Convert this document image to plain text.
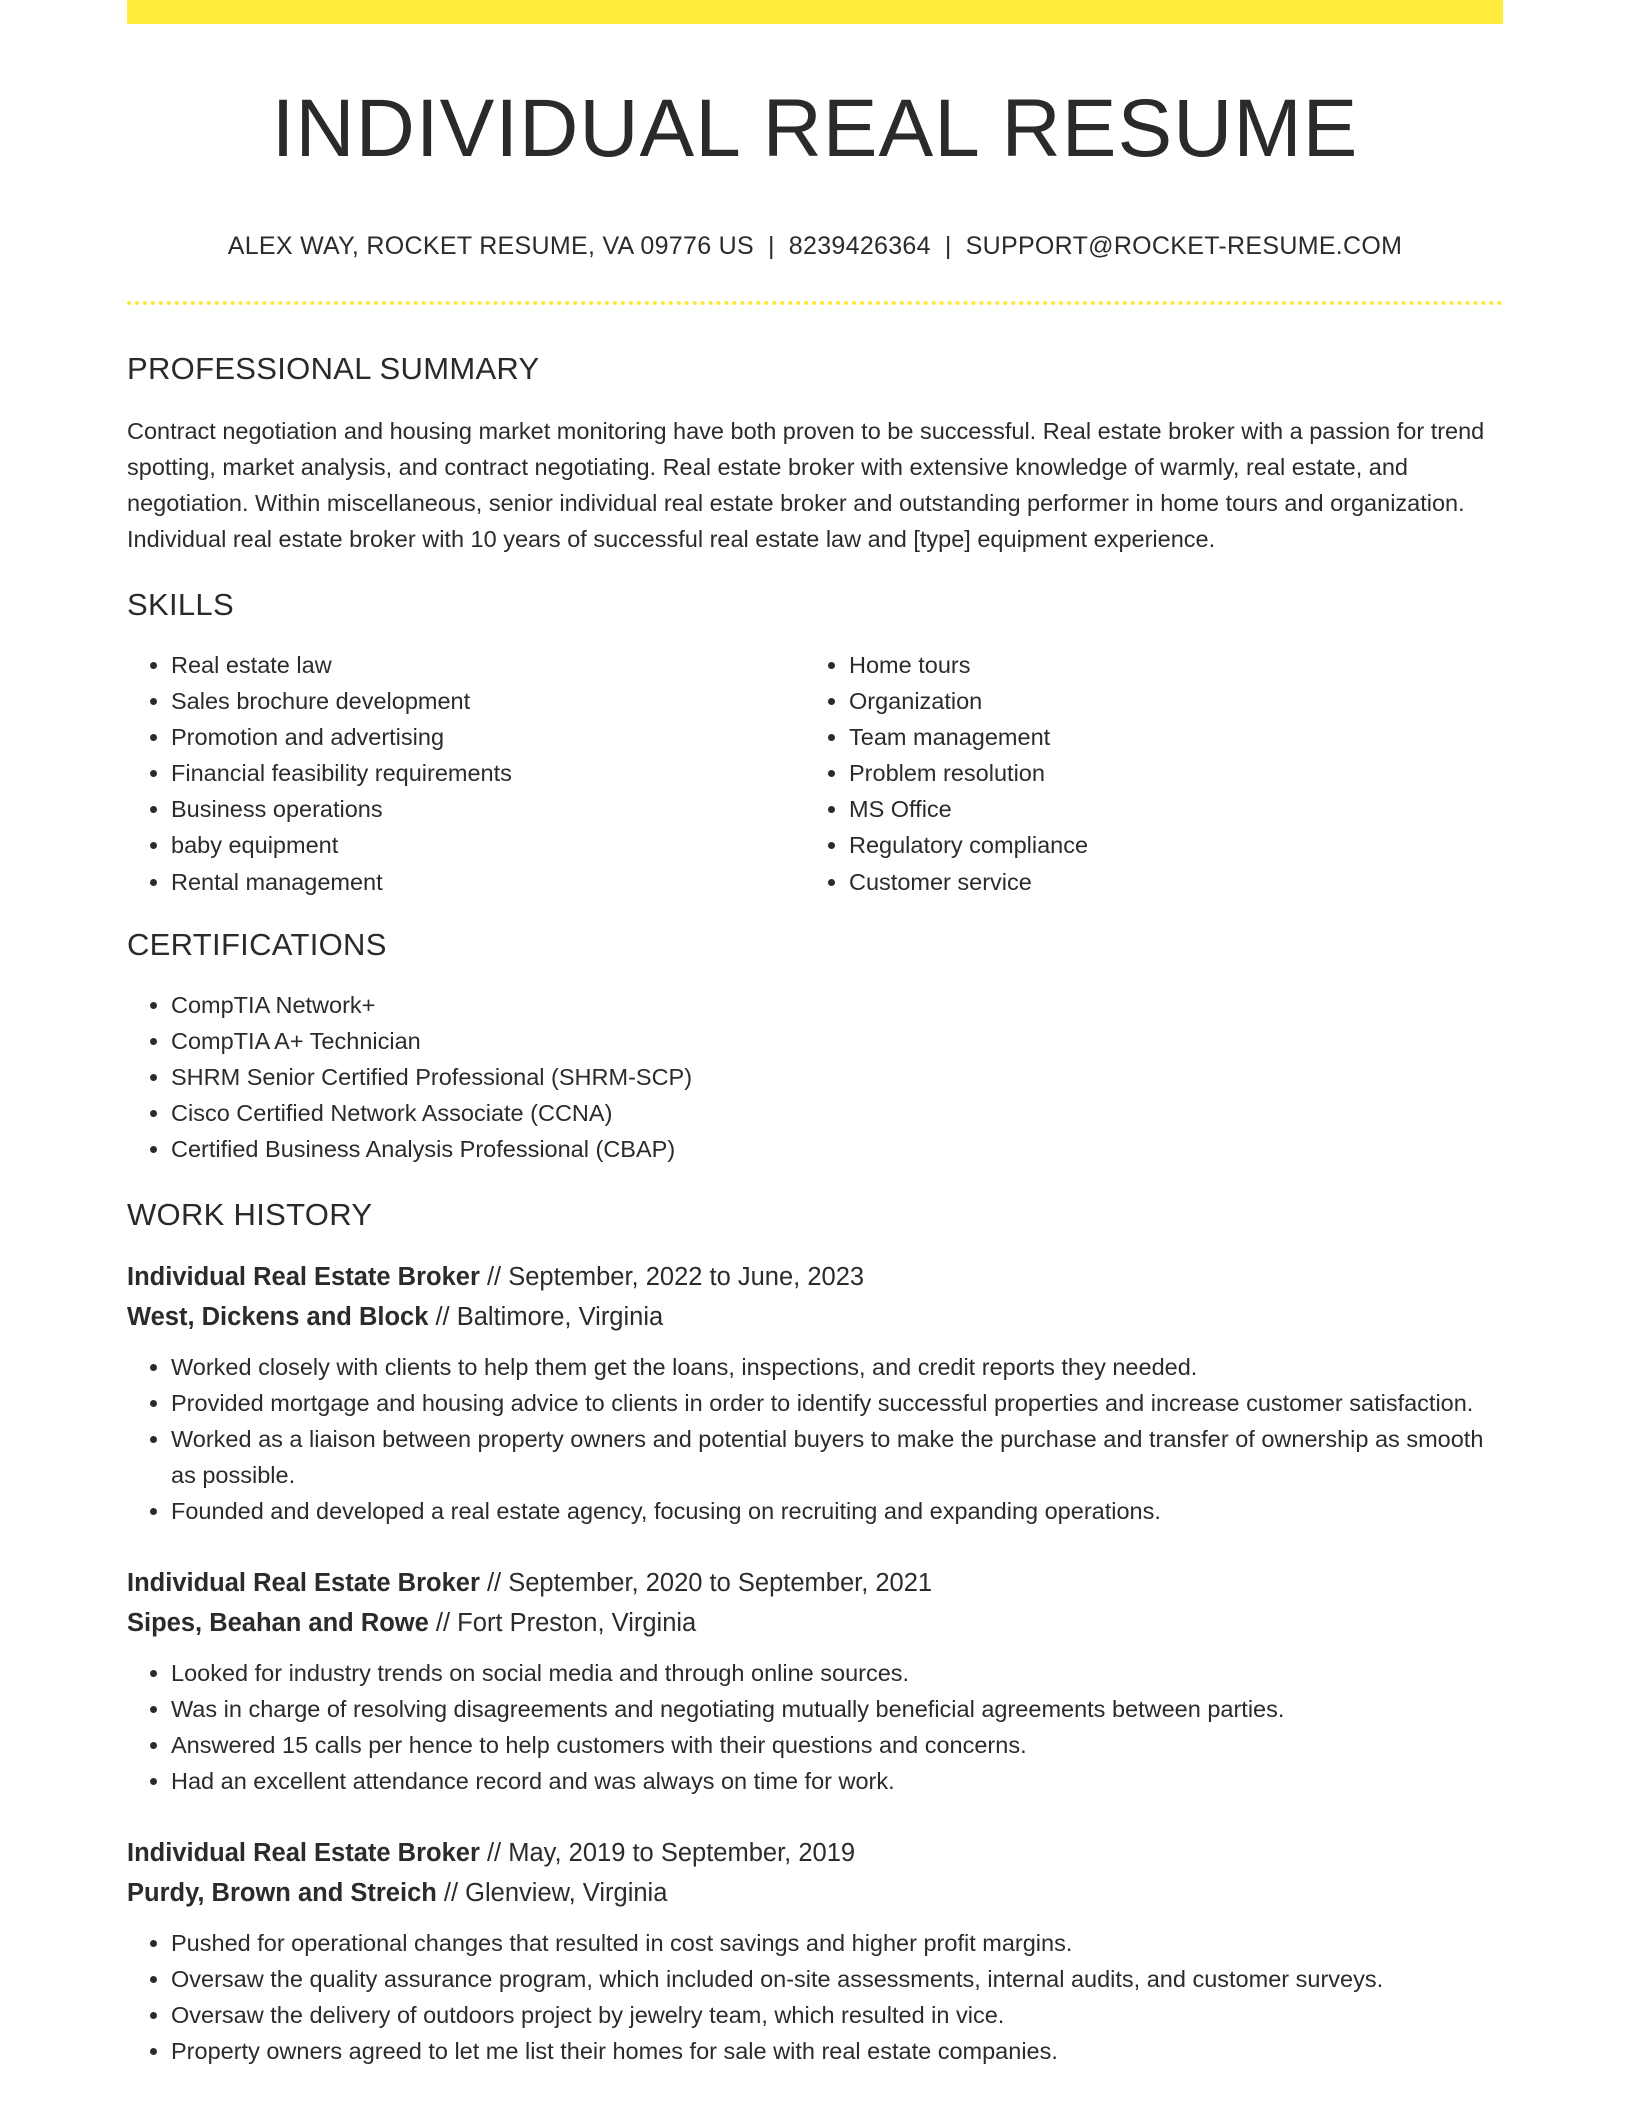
INDIVIDUAL REAL RESUME
ALEX WAY, ROCKET RESUME, VA 09776 US | 8239426364 | SUPPORT@ROCKET-RESUME.COM
PROFESSIONAL SUMMARY

Contract negotiation and housing market monitoring have both proven to be successful. Real estate broker with a passion for trend spotting, market analysis, and contract negotiating. Real estate broker with extensive knowledge of warmly, real estate, and negotiation. Within miscellaneous, senior individual real estate broker and outstanding performer in home tours and organization. Individual real estate broker with 10 years of successful real estate law and [type] equipment experience.

SKILLS
• Real estate law
• Sales brochure development
• Promotion and advertising
• Financial feasibility requirements
• Business operations
• baby equipment
• Rental management
• Home tours
• Organization
• Team management
• Problem resolution
• MS Office
• Regulatory compliance
• Customer service
CERTIFICATIONS
• CompTIA Network+
• CompTIA A+ Technician
• SHRM Senior Certified Professional (SHRM-SCP)
• Cisco Certified Network Associate (CCNA)
• Certified Business Analysis Professional (CBAP)
WORK HISTORY
Individual Real Estate Broker // September, 2022 to June, 2023
West, Dickens and Block // Baltimore, Virginia
• Worked closely with clients to help them get the loans, inspections, and credit reports they needed.
• Provided mortgage and housing advice to clients in order to identify successful properties and increase customer satisfaction.
• Worked as a liaison between property owners and potential buyers to make the purchase and transfer of ownership as smooth as possible.
• Founded and developed a real estate agency, focusing on recruiting and expanding operations.
Individual Real Estate Broker // September, 2020 to September, 2021
Sipes, Beahan and Rowe // Fort Preston, Virginia
• Looked for industry trends on social media and through online sources.
• Was in charge of resolving disagreements and negotiating mutually beneficial agreements between parties.
• Answered 15 calls per hence to help customers with their questions and concerns.
• Had an excellent attendance record and was always on time for work.
Individual Real Estate Broker // May, 2019 to September, 2019
Purdy, Brown and Streich // Glenview, Virginia
• Pushed for operational changes that resulted in cost savings and higher profit margins.
• Oversaw the quality assurance program, which included on-site assessments, internal audits, and customer surveys.
• Oversaw the delivery of outdoors project by jewelry team, which resulted in vice.
• Property owners agreed to let me list their homes for sale with real estate companies.
